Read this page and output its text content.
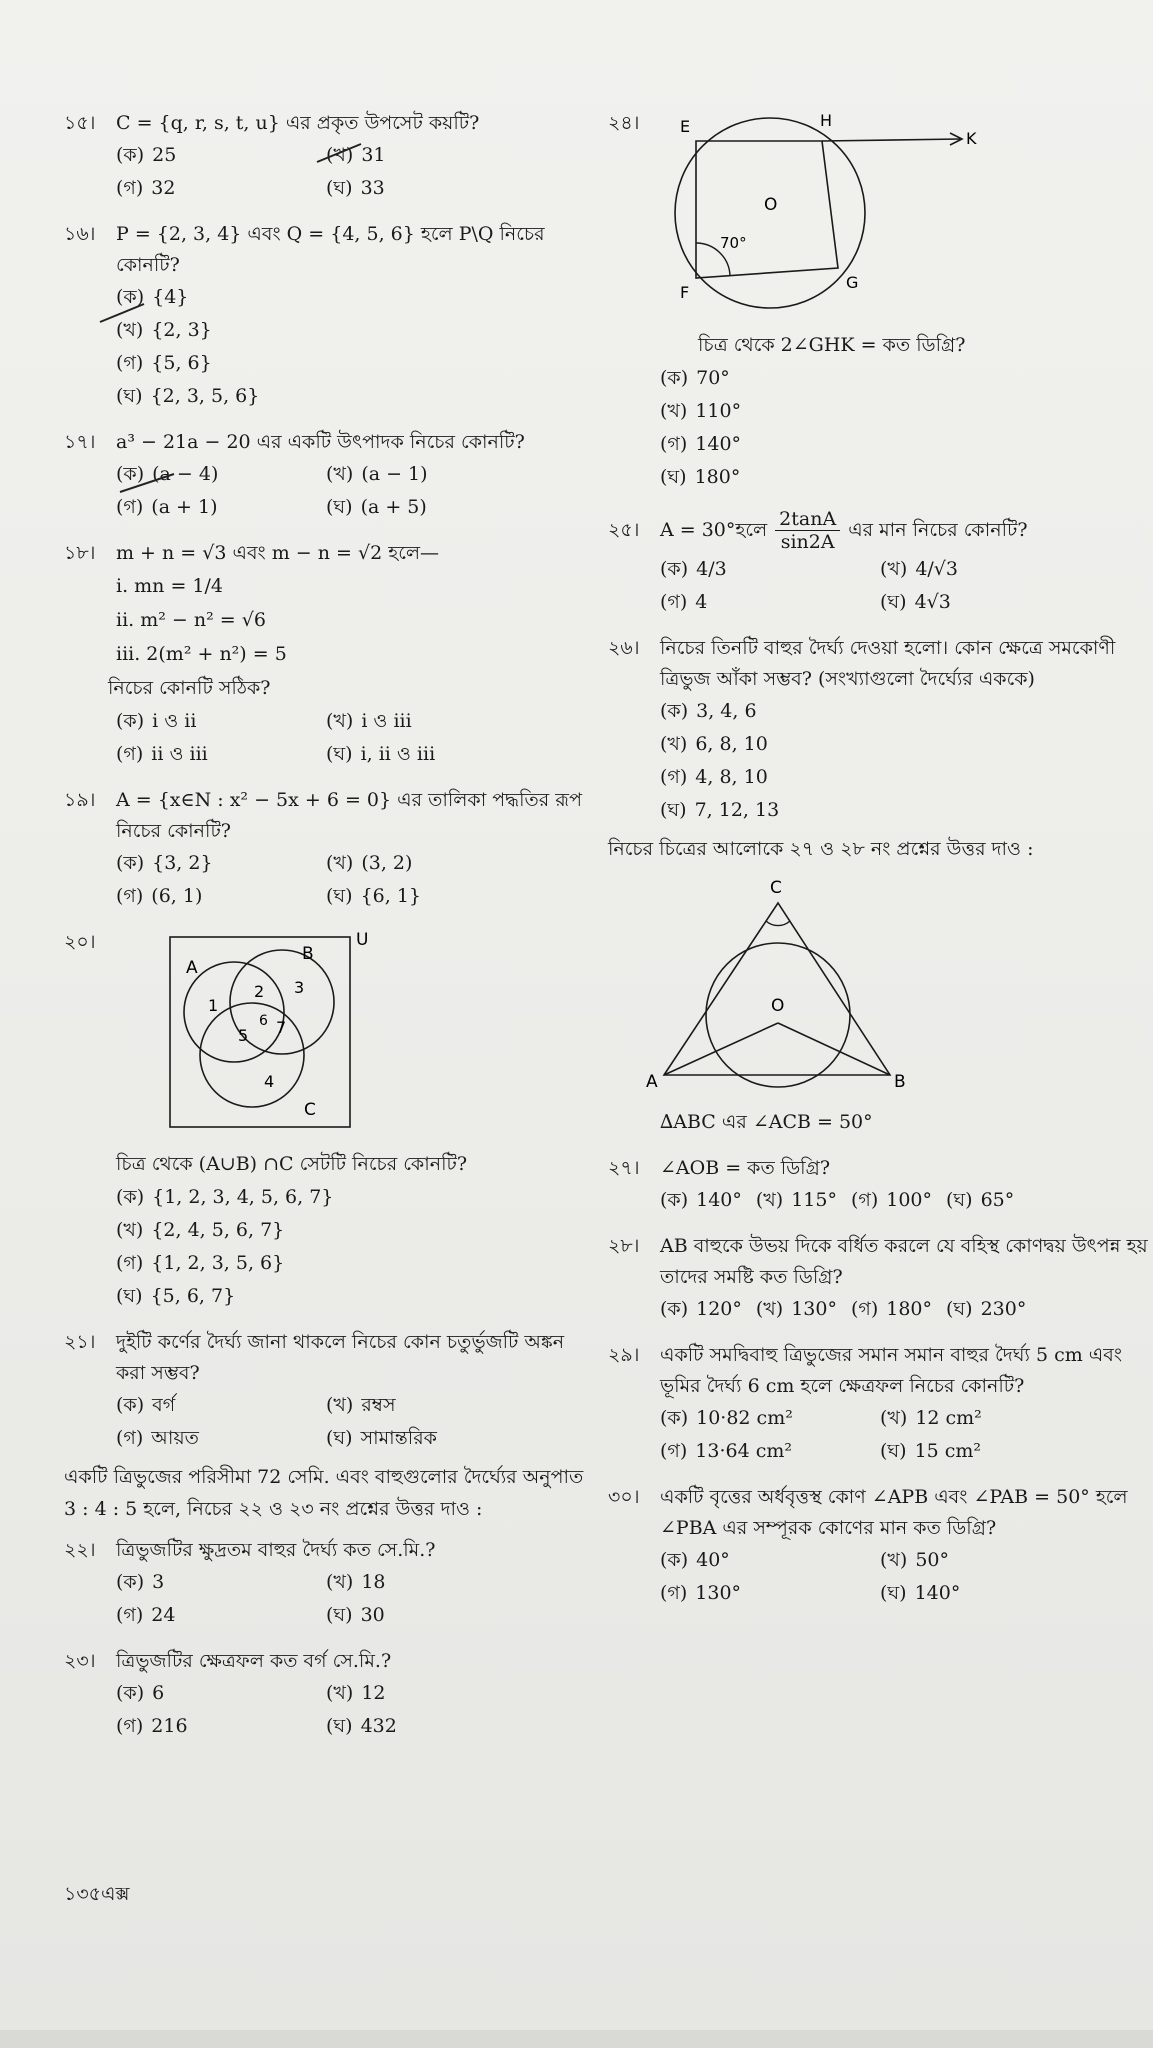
১৫।	C = {q, r, s, t, u} এর প্রকৃত উপসেট কয়টি?
(ক) 25	(খ) 31
(গ) 32	(ঘ) 33
১৬।	P = {2, 3, 4} এবং Q = {4, 5, 6} হলে P\Q নিচের কোনটি?
(ক) {4}
(খ) {2, 3}
(গ) {5, 6}
(ঘ) {2, 3, 5, 6}
১৭।	a³ − 21a − 20 এর একটি উৎপাদক নিচের কোনটি?
(ক) (a − 4)	(খ) (a − 1)
(গ) (a + 1)	(ঘ) (a + 5)
১৮।	m + n = √3 এবং m − n = √2 হলে—
i. mn = 1/4
ii. m² − n² = √6
iii. 2(m² + n²) = 5
নিচের কোনটি সঠিক?
(ক) i ও ii	(খ) i ও iii
(গ) ii ও iii	(ঘ) i, ii ও iii
১৯।	A = {x∈N : x² − 5x + 6 = 0} এর তালিকা পদ্ধতির রূপ নিচের কোনটি?
(ক) {3, 2}	(খ) (3, 2)
(গ) (6, 1)	(ঘ) {6, 1}
২০।	U
A
B
C
1
2 3
4
5
6 7
চিত্র থেকে (A∪B) ∩C সেটটি নিচের কোনটি?
(ক) {1, 2, 3, 4, 5, 6, 7}
(খ) {2, 4, 5, 6, 7}
(গ) {1, 2, 3, 5, 6}
(ঘ) {5, 6, 7}
২১।	দুইটি কর্ণের দৈর্ঘ্য জানা থাকলে নিচের কোন চতুর্ভুজটি অঙ্কন করা সম্ভব?
(ক) বর্গ	(খ) রম্বস
(গ) আয়ত	(ঘ) সামান্তরিক
একটি ত্রিভুজের পরিসীমা 72 সেমি. এবং বাহুগুলোর দৈর্ঘ্যের অনুপাত 3 : 4 : 5 হলে, নিচের ২২ ও ২৩ নং প্রশ্নের উত্তর দাও :
২২।	ত্রিভুজটির ক্ষুদ্রতম বাহুর দৈর্ঘ্য কত সে.মি.?
(ক) 3	(খ) 18
(গ) 24	(ঘ) 30
২৩।	ত্রিভুজটির ক্ষেত্রফল কত বর্গ সে.মি.?
(ক) 6	(খ) 12
(গ) 216	(ঘ) 432
২৪।	E	H
K
O
F
G
70°
চিত্র থেকে 2∠GHK = কত ডিগ্রি?
(ক) 70°
(খ) 110°
(গ) 140°
(ঘ) 180°
২৫।	A = 30°হলে 2tanA
sin2A
এর মান নিচের কোনটি?
(ক) 4/3	(খ) 4/√3
(গ) 4	(ঘ) 4√3
২৬।	নিচের তিনটি বাহুর দৈর্ঘ্য দেওয়া হলো। কোন ক্ষেত্রে সমকোণী ত্রিভুজ আঁকা সম্ভব? (সংখ্যাগুলো দৈর্ঘ্যের এককে)
(ক) 3, 4, 6
(খ) 6, 8, 10
(গ) 4, 8, 10
(ঘ) 7, 12, 13
নিচের চিত্রের আলোকে ২৭ ও ২৮ নং প্রশ্নের উত্তর দাও :
A	B
C
O
∆ABC এর ∠ACB = 50°
২৭।	∠AOB = কত ডিগ্রি?
(ক) 140° (খ) 115° (গ) 100° (ঘ) 65°
২৮।	AB বাহুকে উভয় দিকে বর্ধিত করলে যে বহিস্থ কোণদ্বয় উৎপন্ন হয় তাদের সমষ্টি কত ডিগ্রি?
(ক) 120° (খ) 130° (গ) 180° (ঘ) 230°
২৯।	একটি সমদ্বিবাহু ত্রিভুজের সমান সমান বাহুর দৈর্ঘ্য 5 cm এবং ভূমির দৈর্ঘ্য 6 cm হলে ক্ষেত্রফল নিচের কোনটি?
(ক) 10·82 cm²	(খ) 12 cm²
(গ) 13·64 cm²	(ঘ) 15 cm²
৩০।	একটি বৃত্তের অর্ধবৃত্তস্থ কোণ ∠APB এবং ∠PAB = 50° হলে ∠PBA এর সম্পূরক কোণের মান কত ডিগ্রি?
(ক) 40°	(খ) 50°
(গ) 130°	(ঘ) 140°
১৩৫এক্স
